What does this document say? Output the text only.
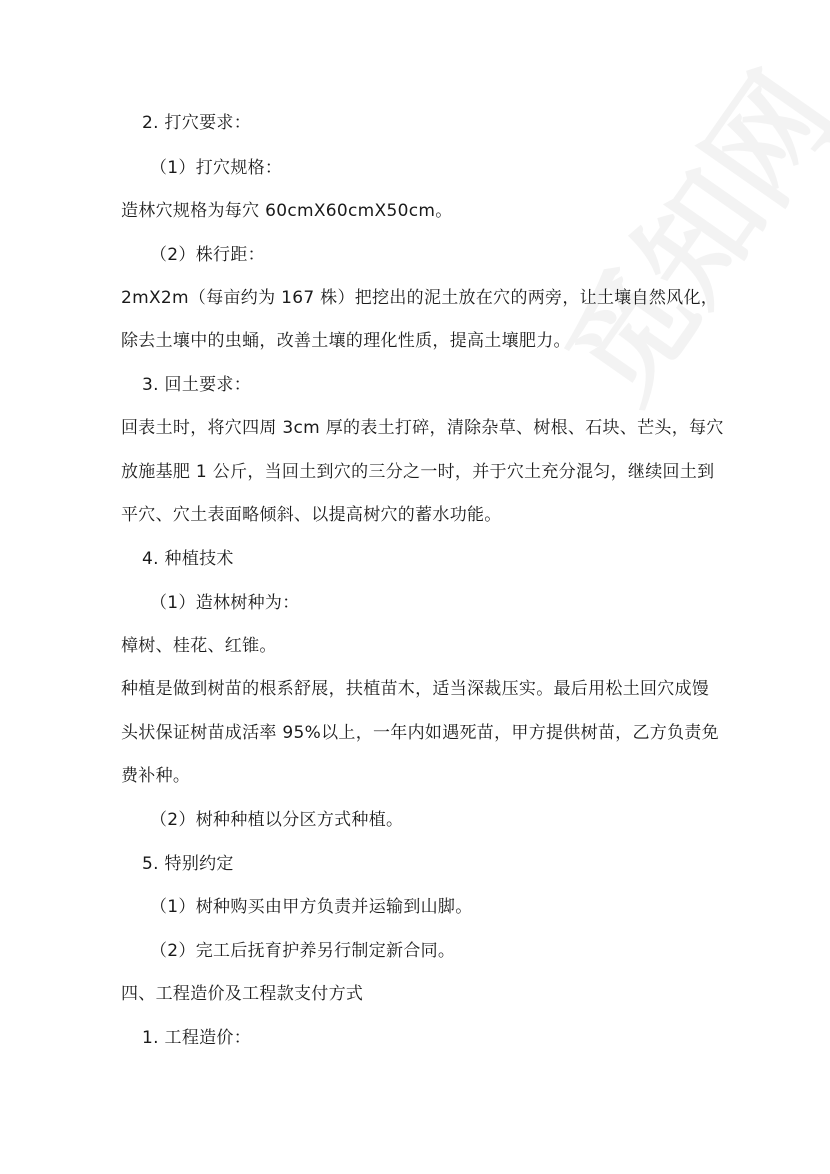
2. 打穴要求：
（1）打穴规格：
造林穴规格为每穴 60cmX60cmX50cm。
（2）株行距：
2mX2m（每亩约为 167 株）把挖出的泥土放在穴的两旁，让土壤自然风化，
除去土壤中的虫蛹，改善土壤的理化性质，提高土壤肥力。
3. 回土要求：
回表土时，将穴四周 3cm 厚的表土打碎，清除杂草、树根、石块、芒头，每穴
放施基肥 1 公斤，当回土到穴的三分之一时，并于穴土充分混匀，继续回土到
平穴、穴土表面略倾斜、以提高树穴的蓄水功能。
4. 种植技术
（1）造林树种为：
樟树、桂花、红锥。
种植是做到树苗的根系舒展，扶植苗木，适当深裁压实。最后用松土回穴成馒
头状保证树苗成活率 95%以上，一年内如遇死苗，甲方提供树苗，乙方负责免
费补种。
（2）树种种植以分区方式种植。
5. 特别约定
（1）树种购买由甲方负责并运输到山脚。
（2）完工后抚育护养另行制定新合同。
四、工程造价及工程款支付方式
1. 工程造价：
